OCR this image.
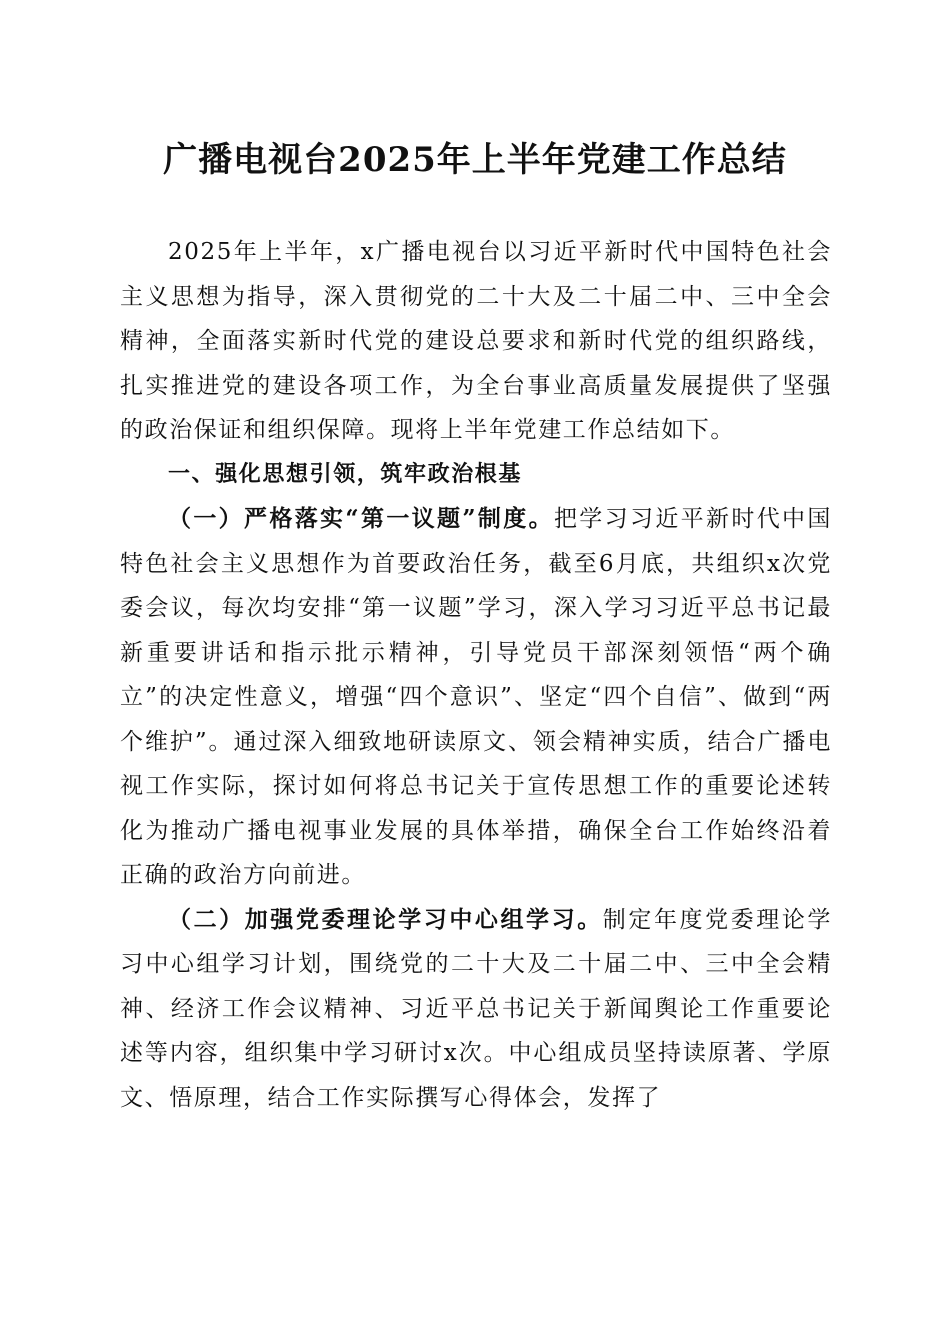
广播电视台2025年上半年党建工作总结

2025年上半年，x广播电视台以习近平新时代中国特色社会主义思想为指导，深入贯彻党的二十大及二十届二中、三中全会精神，全面落实新时代党的建设总要求和新时代党的组织路线，扎实推进党的建设各项工作，为全台事业高质量发展提供了坚强的政治保证和组织保障。现将上半年党建工作总结如下。

一、强化思想引领，筑牢政治根基

（一）严格落实“第一议题”制度。把学习习近平新时代中国特色社会主义思想作为首要政治任务，截至6月底，共组织x次党委会议，每次均安排“第一议题”学习，深入学习习近平总书记最新重要讲话和指示批示精神，引导党员干部深刻领悟“两个确立”的决定性意义，增强“四个意识”、坚定“四个自信”、做到“两个维护”。通过深入细致地研读原文、领会精神实质，结合广播电视工作实际，探讨如何将总书记关于宣传思想工作的重要论述转化为推动广播电视事业发展的具体举措，确保全台工作始终沿着正确的政治方向前进。

（二）加强党委理论学习中心组学习。制定年度党委理论学习中心组学习计划，围绕党的二十大及二十届二中、三中全会精神、经济工作会议精神、习近平总书记关于新闻舆论工作重要论述等内容，组织集中学习研讨x次。中心组成员坚持读原著、学原文、悟原理，结合工作实际撰写心得体会，发挥了
